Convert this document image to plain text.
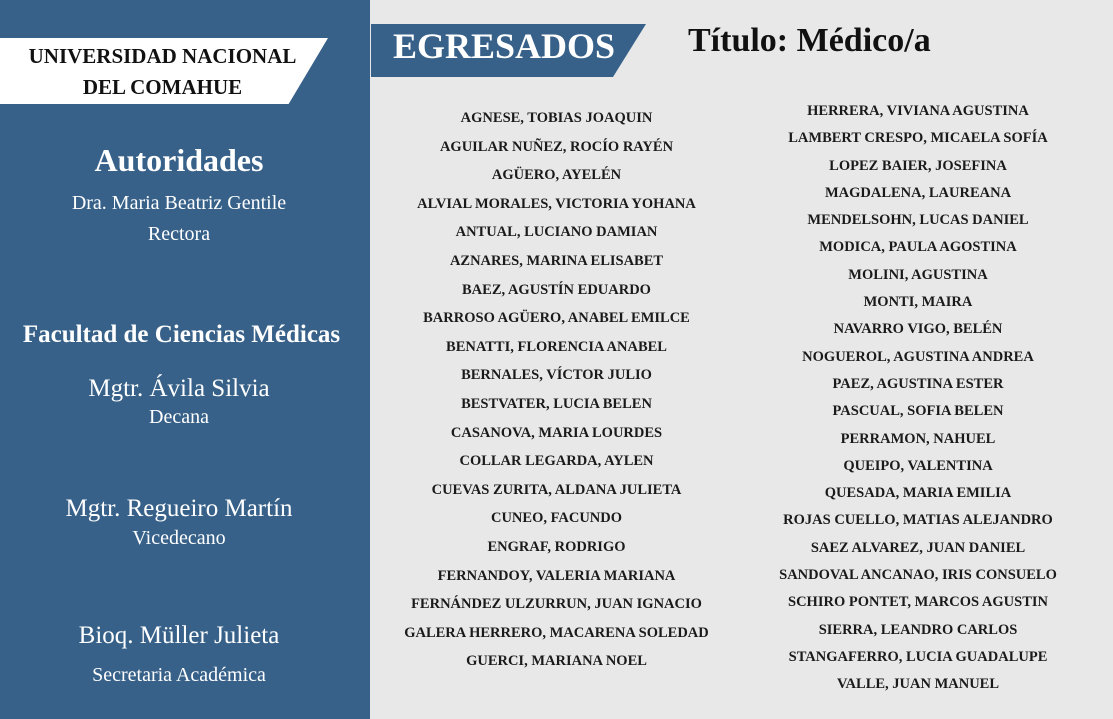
UNIVERSIDAD NACIONAL
DEL COMAHUE
Autoridades
Dra. Maria Beatriz Gentile
Rectora
Facultad de Ciencias Médicas
Mgtr. Ávila Silvia
Decana
Mgtr. Regueiro Martín
Vicedecano
Bioq. Müller Julieta
Secretaria Académica
EGRESADOS Título: Médico/a
AGNESE, TOBIAS JOAQUIN
AGUILAR NUÑEZ, ROCÍO RAYÉN
AGÜERO, AYELÉN
ALVIAL MORALES, VICTORIA YOHANA
ANTUAL, LUCIANO DAMIAN
AZNARES, MARINA ELISABET
BAEZ, AGUSTÍN EDUARDO
BARROSO AGÜERO, ANABEL EMILCE
BENATTI, FLORENCIA ANABEL
BERNALES, VÍCTOR JULIO
BESTVATER, LUCIA BELEN
CASANOVA, MARIA LOURDES
COLLAR LEGARDA, AYLEN
CUEVAS ZURITA, ALDANA JULIETA
CUNEO, FACUNDO
ENGRAF, RODRIGO
FERNANDOY, VALERIA MARIANA
FERNÁNDEZ ULZURRUN, JUAN IGNACIO
GALERA HERRERO, MACARENA SOLEDAD
GUERCI, MARIANA NOEL
HERRERA, VIVIANA AGUSTINA
LAMBERT CRESPO, MICAELA SOFÍA
LOPEZ BAIER, JOSEFINA
MAGDALENA, LAUREANA
MENDELSOHN, LUCAS DANIEL
MODICA, PAULA AGOSTINA
MOLINI, AGUSTINA
MONTI, MAIRA
NAVARRO VIGO, BELÉN
NOGUEROL, AGUSTINA ANDREA
PAEZ, AGUSTINA ESTER
PASCUAL, SOFIA BELEN
PERRAMON, NAHUEL
QUEIPO, VALENTINA
QUESADA, MARIA EMILIA
ROJAS CUELLO, MATIAS ALEJANDRO
SAEZ ALVAREZ, JUAN DANIEL
SANDOVAL ANCANAO, IRIS CONSUELO
SCHIRO PONTET, MARCOS AGUSTIN
SIERRA, LEANDRO CARLOS
STANGAFERRO, LUCIA GUADALUPE
VALLE, JUAN MANUEL
